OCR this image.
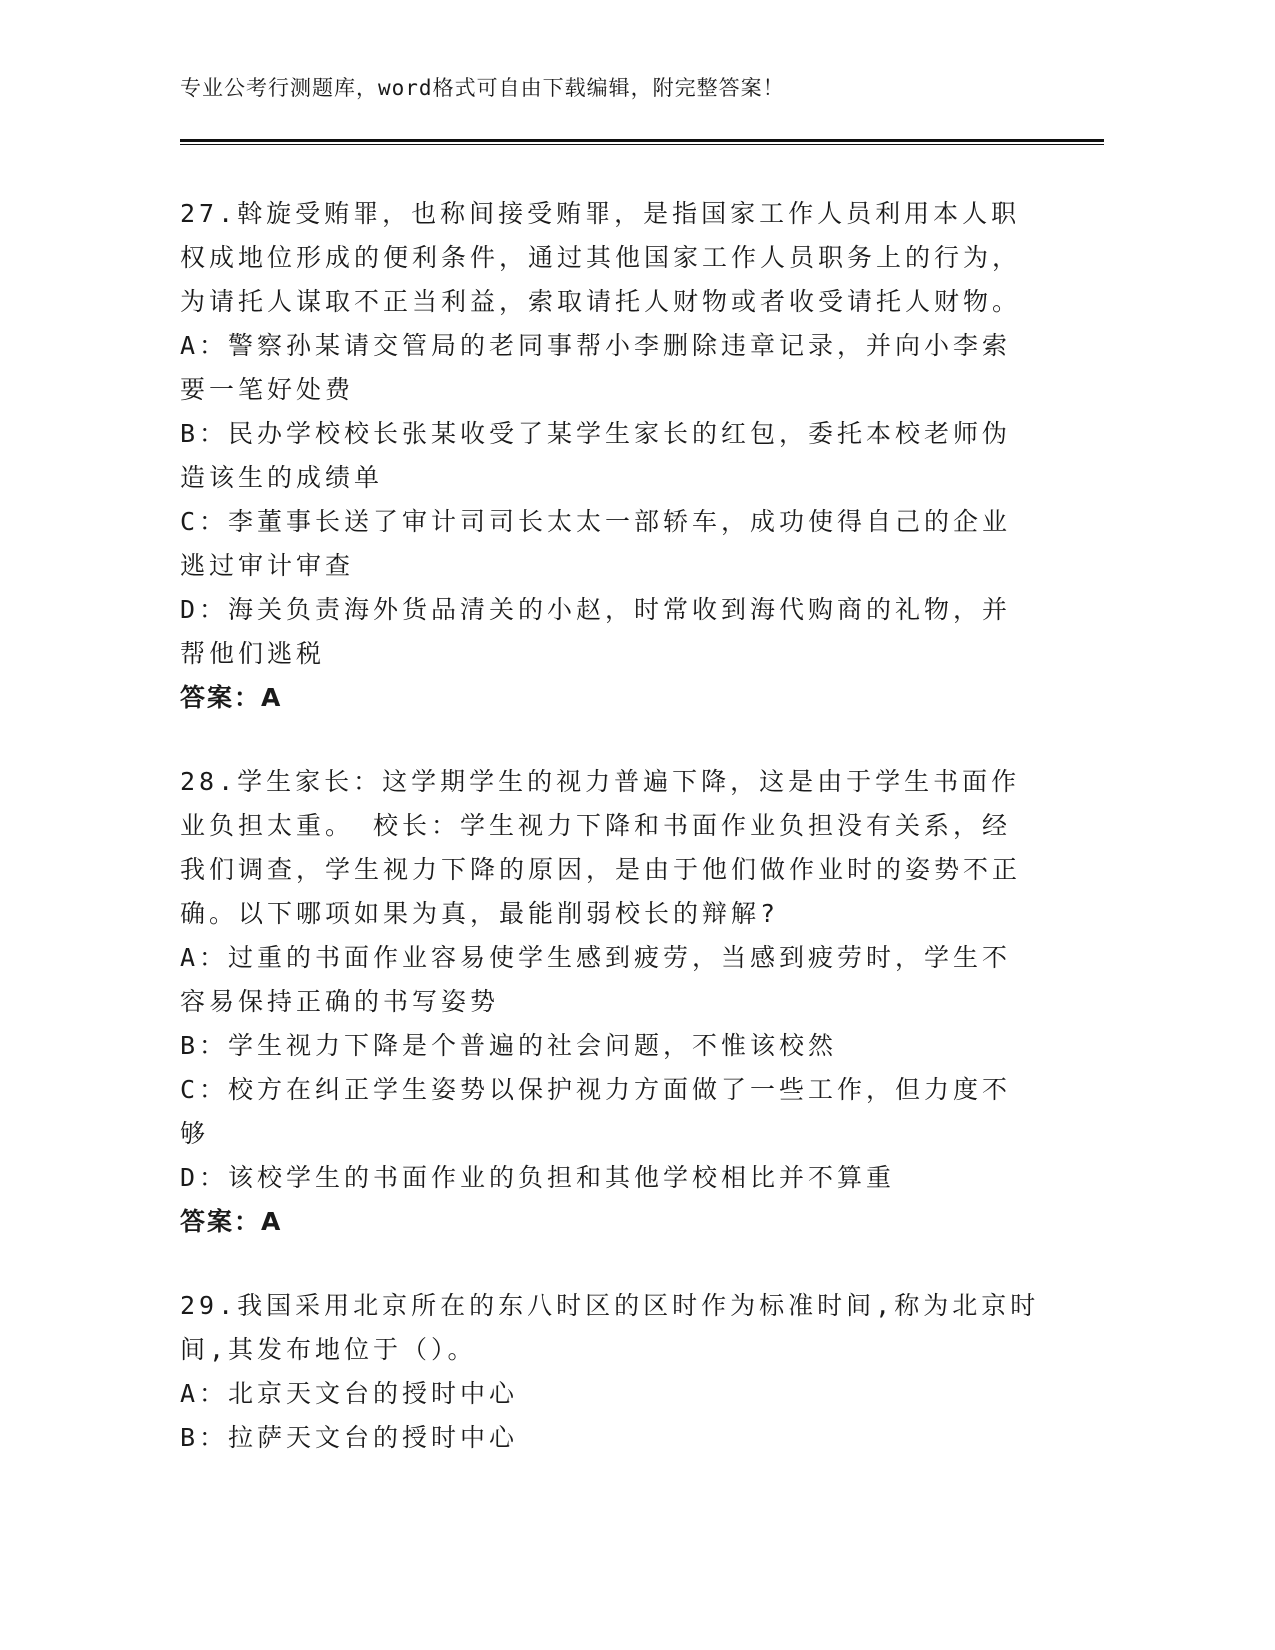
专业公考行测题库，word格式可自由下载编辑，附完整答案！

27.斡旋受贿罪，也称间接受贿罪，是指国家工作人员利用本人职权成地位形成的便利条件，通过其他国家工作人员职务上的行为，为请托人谋取不正当利益，索取请托人财物或者收受请托人财物。

A：警察孙某请交管局的老同事帮小李删除违章记录，并向小李索要一笔好处费

B：民办学校校长张某收受了某学生家长的红包，委托本校老师伪造该生的成绩单

C：李董事长送了审计司司长太太一部轿车，成功使得自己的企业逃过审计审查

D：海关负责海外货品清关的小赵，时常收到海代购商的礼物，并帮他们逃税

答案：A

28.学生家长：这学期学生的视力普遍下降，这是由于学生书面作业负担太重。 校长：学生视力下降和书面作业负担没有关系，经我们调查，学生视力下降的原因，是由于他们做作业时的姿势不正确。以下哪项如果为真，最能削弱校长的辩解?

A：过重的书面作业容易使学生感到疲劳，当感到疲劳时，学生不容易保持正确的书写姿势

B：学生视力下降是个普遍的社会问题，不惟该校然

C：校方在纠正学生姿势以保护视力方面做了一些工作，但力度不够

D：该校学生的书面作业的负担和其他学校相比并不算重

答案：A

29.我国采用北京所在的东八时区的区时作为标准时间,称为北京时间,其发布地位于（）。

A：北京天文台的授时中心

B：拉萨天文台的授时中心
